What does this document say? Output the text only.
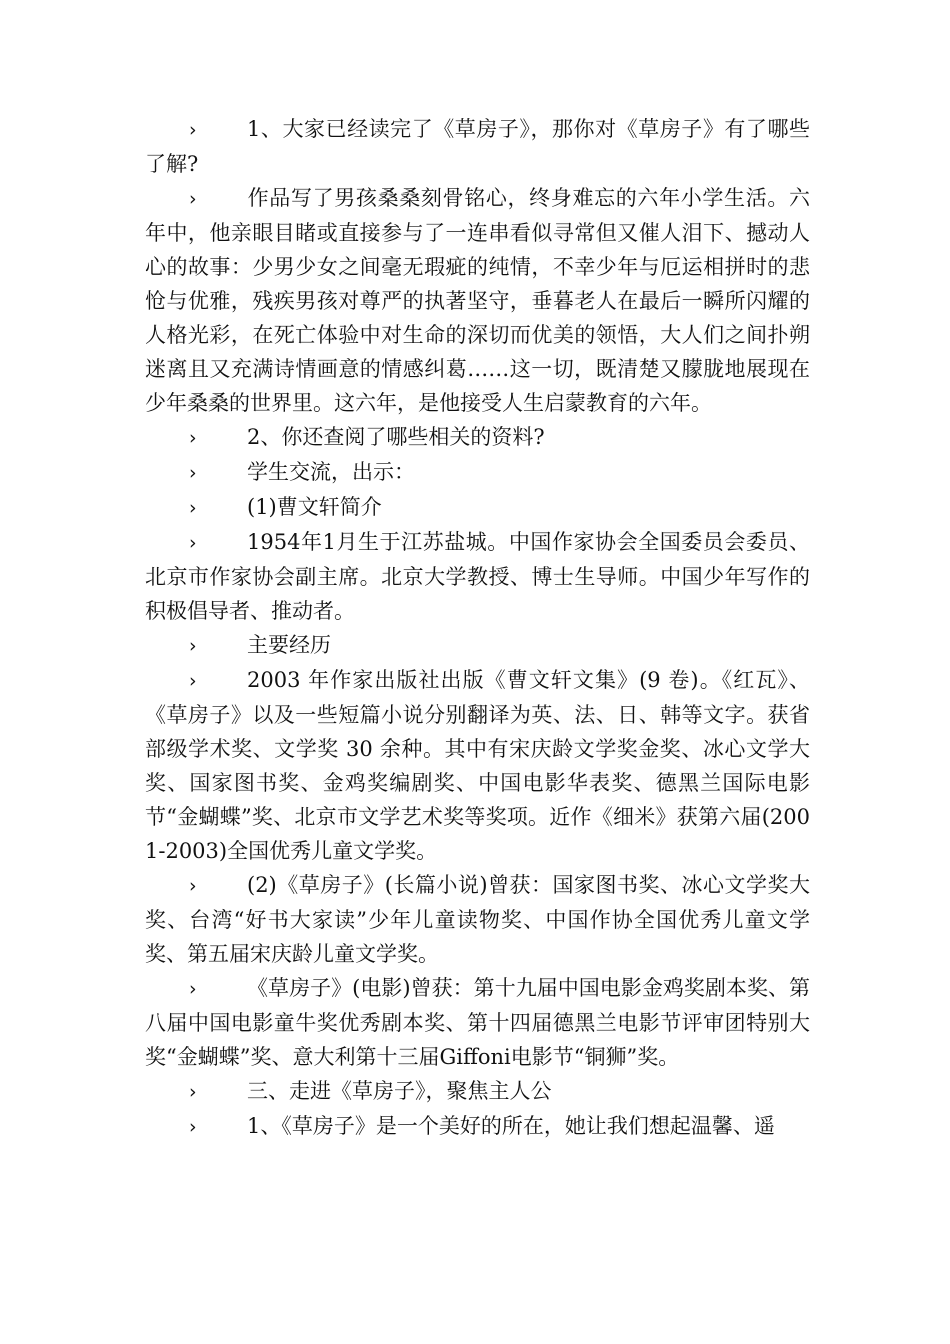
› 1、大家已经读完了《草房子》，那你对《草房子》有了哪些了解?

› 作品写了男孩桑桑刻骨铭心，终身难忘的六年小学生活。六年中，他亲眼目睹或直接参与了一连串看似寻常但又催人泪下、撼动人心的故事：少男少女之间毫无瑕疵的纯情，不幸少年与厄运相拼时的悲怆与优雅，残疾男孩对尊严的执著坚守，垂暮老人在最后一瞬所闪耀的人格光彩，在死亡体验中对生命的深切而优美的领悟，大人们之间扑朔迷离且又充满诗情画意的情感纠葛……这一切，既清楚又朦胧地展现在少年桑桑的世界里。这六年，是他接受人生启蒙教育的六年。

› 2、你还查阅了哪些相关的资料?

› 学生交流，出示：

› (1)曹文轩简介

› 1954年1月生于江苏盐城。中国作家协会全国委员会委员、北京市作家协会副主席。北京大学教授、博士生导师。中国少年写作的积极倡导者、推动者。

› 主要经历

› 2003 年作家出版社出版《曹文轩文集》(9 卷)。《红瓦》、《草房子》以及一些短篇小说分别翻译为英、法、日、韩等文字。获省部级学术奖、文学奖 30 余种。其中有宋庆龄文学奖金奖、冰心文学大奖、国家图书奖、金鸡奖编剧奖、中国电影华表奖、德黑兰国际电影节“金蝴蝶”奖、北京市文学艺术奖等奖项。近作《细米》获第六届(2001-2003)全国优秀儿童文学奖。

› (2)《草房子》(长篇小说)曾获：国家图书奖、冰心文学奖大奖、台湾“好书大家读”少年儿童读物奖、中国作协全国优秀儿童文学奖、第五届宋庆龄儿童文学奖。

› 《草房子》(电影)曾获：第十九届中国电影金鸡奖剧本奖、第八届中国电影童牛奖优秀剧本奖、第十四届德黑兰电影节评审团特别大奖“金蝴蝶”奖、意大利第十三届Giffoni电影节“铜狮”奖。

› 三、走进《草房子》，聚焦主人公

› 1、《草房子》是一个美好的所在，她让我们想起温馨、遥
